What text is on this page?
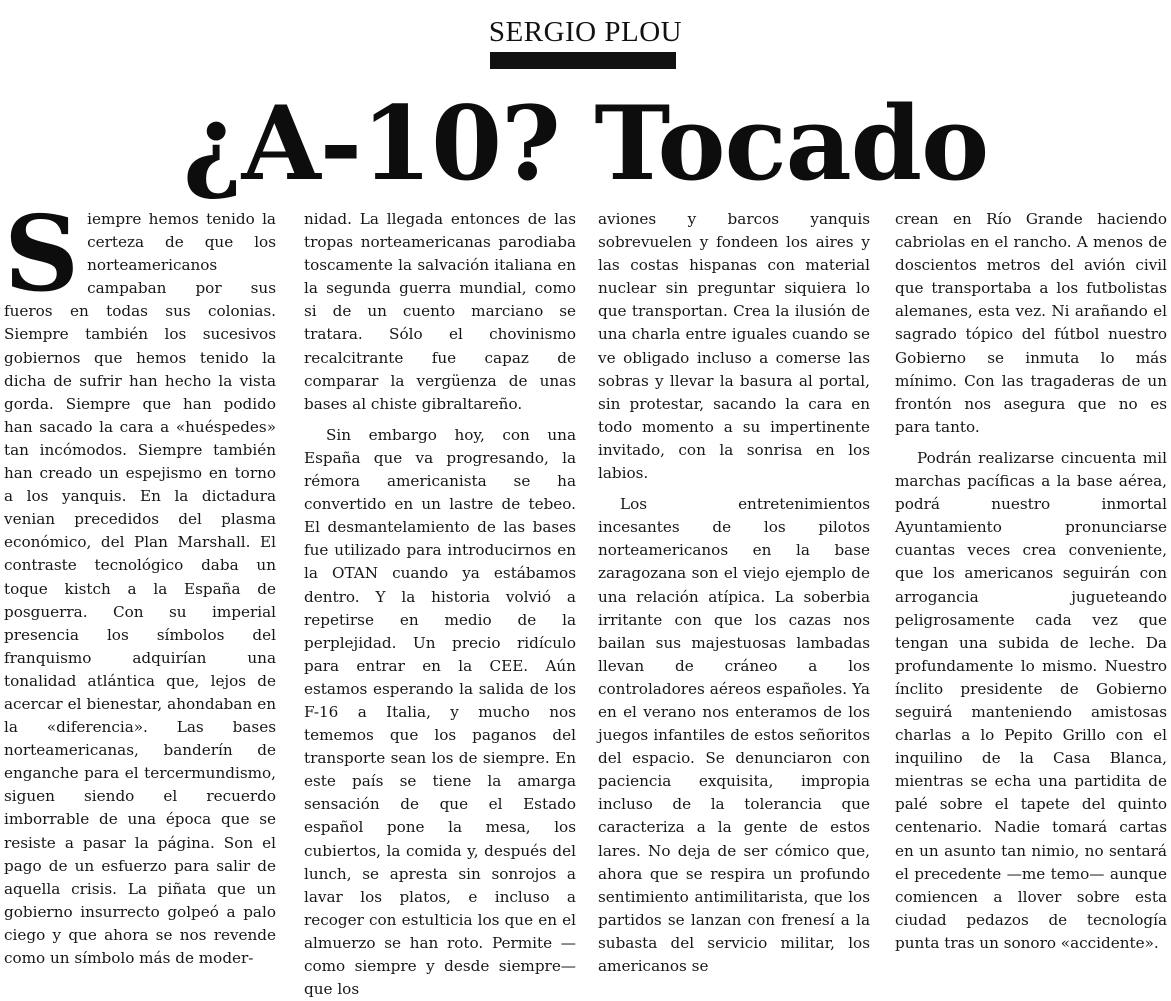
SERGIO PLOU
¿A-10? Tocado

Siempre hemos tenido la certeza de que los norteamericanos campaban por sus fueros en todas sus colonias. Siempre también los sucesivos gobiernos que hemos tenido la dicha de sufrir han hecho la vista gorda. Siempre que han podido han sacado la cara a «huéspedes» tan incómodos. Siempre también han creado un espejismo en torno a los yanquis. En la dictadura venian precedidos del plasma económico, del Plan Marshall. El contraste tecnológico daba un toque kistch a la España de posguerra. Con su imperial presencia los símbolos del franquismo adquirían una tonalidad atlántica que, lejos de acercar el bienestar, ahondaban en la «diferencia». Las bases norteamericanas, banderín de enganche para el tercermundismo, siguen siendo el recuerdo imborrable de una época que se resiste a pasar la página. Son el pago de un esfuerzo para salir de aquella crisis. La piñata que un gobierno insurrecto golpeó a palo ciego y que ahora se nos revende como un símbolo más de moder-

nidad. La llegada entonces de las tropas norteamericanas parodiaba toscamente la salvación italiana en la segunda guerra mundial, como si de un cuento marciano se tratara. Sólo el chovinismo recalcitrante fue capaz de comparar la vergüenza de unas bases al chiste gibraltareño.

Sin embargo hoy, con una España que va progresando, la rémora americanista se ha convertido en un lastre de tebeo. El desmantelamiento de las bases fue utilizado para introducirnos en la OTAN cuando ya estábamos dentro. Y la historia volvió a repetirse en medio de la perplejidad. Un precio ridículo para entrar en la CEE. Aún estamos esperando la salida de los F-16 a Italia, y mucho nos tememos que los paganos del transporte sean los de siempre. En este país se tiene la amarga sensación de que el Estado español pone la mesa, los cubiertos, la comida y, después del lunch, se apresta sin sonrojos a lavar los platos, e incluso a recoger con estulticia los que en el almuerzo se han roto. Permite —como siempre y desde siempre— que los

aviones y barcos yanquis sobrevuelen y fondeen los aires y las costas hispanas con material nuclear sin preguntar siquiera lo que transportan. Crea la ilusión de una charla entre iguales cuando se ve obligado incluso a comerse las sobras y llevar la basura al portal, sin protestar, sacando la cara en todo momento a su impertinente invitado, con la sonrisa en los labios.

Los entretenimientos incesantes de los pilotos norteamericanos en la base zaragozana son el viejo ejemplo de una relación atípica. La soberbia irritante con que los cazas nos bailan sus majestuosas lambadas llevan de cráneo a los controladores aéreos españoles. Ya en el verano nos enteramos de los juegos infantiles de estos señoritos del espacio. Se denunciaron con paciencia exquisita, impropia incluso de la tolerancia que caracteriza a la gente de estos lares. No deja de ser cómico que, ahora que se respira un profundo sentimiento antimilitarista, que los partidos se lanzan con frenesí a la subasta del servicio militar, los americanos se

crean en Río Grande haciendo cabriolas en el rancho. A menos de doscientos metros del avión civil que transportaba a los futbolistas alemanes, esta vez. Ni arañando el sagrado tópico del fútbol nuestro Gobierno se inmuta lo más mínimo. Con las tragaderas de un frontón nos asegura que no es para tanto.

Podrán realizarse cincuenta mil marchas pacíficas a la base aérea, podrá nuestro inmortal Ayuntamiento pronunciarse cuantas veces crea conveniente, que los americanos seguirán con arrogancia jugueteando peligrosamente cada vez que tengan una subida de leche. Da profundamente lo mismo. Nuestro ínclito presidente de Gobierno seguirá manteniendo amistosas charlas a lo Pepito Grillo con el inquilino de la Casa Blanca, mientras se echa una partidita de palé sobre el tapete del quinto centenario. Nadie tomará cartas en un asunto tan nimio, no sentará el precedente —me temo— aunque comiencen a llover sobre esta ciudad pedazos de tecnología punta tras un sonoro «accidente».
